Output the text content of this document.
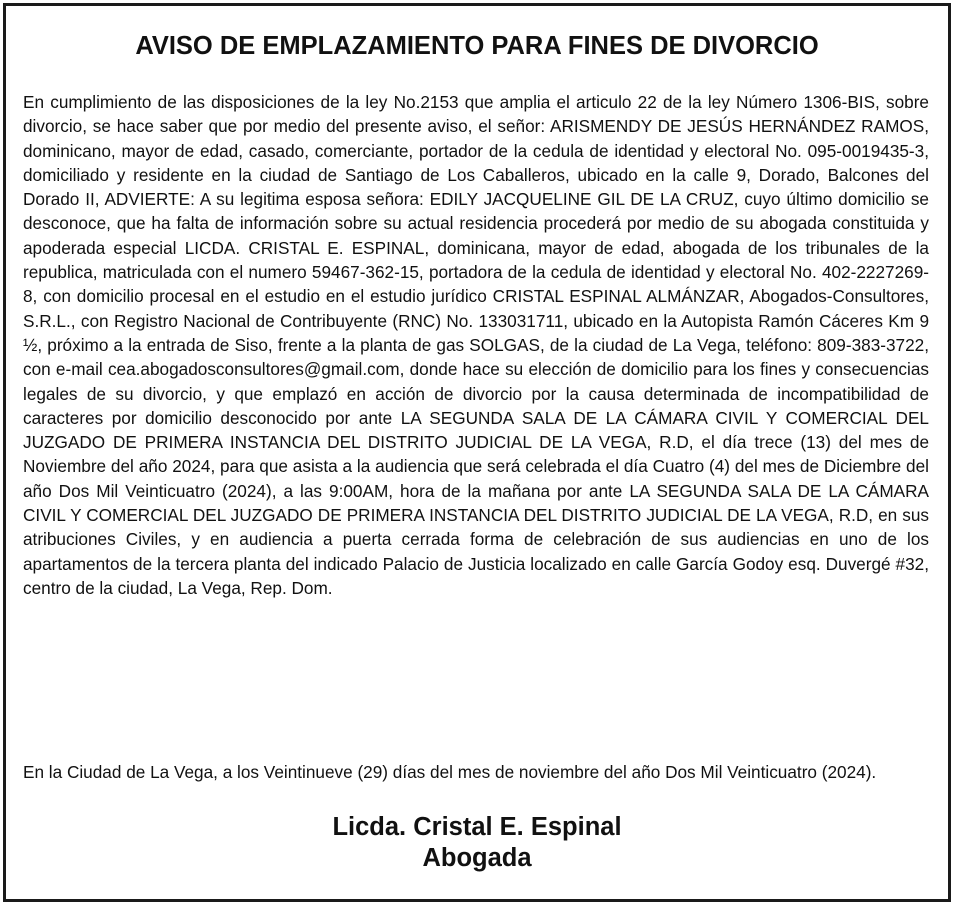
AVISO DE EMPLAZAMIENTO PARA FINES DE DIVORCIO

En cumplimiento de las disposiciones de la ley No.2153 que amplia el articulo 22 de la ley Número 1306-BIS, sobre divorcio, se hace saber que por medio del presente aviso, el señor: ARISMENDY DE JESÚS HERNÁNDEZ RAMOS, dominicano, mayor de edad, casado, comerciante, portador de la cedula de identidad y electoral No. 095-0019435-3, domiciliado y residente en la ciudad de Santiago de Los Caballeros, ubicado en la calle 9, Dorado, Balcones del Dorado II, ADVIERTE: A su legitima esposa señora: EDILY JACQUELINE GIL DE LA CRUZ, cuyo último domicilio se desconoce, que ha falta de información sobre su actual residencia procederá por medio de su abogada constituida y apoderada especial LICDA. CRISTAL E. ESPINAL, dominicana, mayor de edad, abogada de los tribunales de la republica, matriculada con el numero 59467-362-15, portadora de la cedula de identidad y electoral No. 402-2227269-8, con domicilio procesal en el estudio en el estudio jurídico CRISTAL ESPINAL ALMÁNZAR, Abogados-Consultores, S.R.L., con Registro Nacional de Contribuyente (RNC) No. 133031711, ubicado en la Autopista Ramón Cáceres Km 9 ½, próximo a la entrada de Siso, frente a la planta de gas SOLGAS, de la ciudad de La Vega, teléfono: 809-383-3722, con e-mail cea.abogadosconsultores@gmail.com, donde hace su elección de domicilio para los fines y consecuencias legales de su divorcio, y que emplazó en acción de divorcio por la causa determinada de incompatibilidad de caracteres por domicilio desconocido por ante LA SEGUNDA SALA DE LA CÁMARA CIVIL Y COMERCIAL DEL JUZGADO DE PRIMERA INSTANCIA DEL DISTRITO JUDICIAL DE LA VEGA, R.D, el día trece (13) del mes de Noviembre del año 2024, para que asista a la audiencia que será celebrada el día Cuatro (4) del mes de Diciembre del año Dos Mil Veinticuatro (2024), a las 9:00AM, hora de la mañana por ante LA SEGUNDA SALA DE LA CÁMARA CIVIL Y COMERCIAL DEL JUZGADO DE PRIMERA INSTANCIA DEL DISTRITO JUDICIAL DE LA VEGA, R.D, en sus atribuciones Civiles, y en audiencia a puerta cerrada forma de celebración de sus audiencias en uno de los apartamentos de la tercera planta del indicado Palacio de Justicia localizado en calle García Godoy esq. Duvergé #32, centro de la ciudad, La Vega, Rep. Dom.

En la Ciudad de La Vega, a los Veintinueve (29) días del mes de noviembre del año Dos Mil Veinticuatro (2024).

Licda. Cristal E. Espinal
Abogada
